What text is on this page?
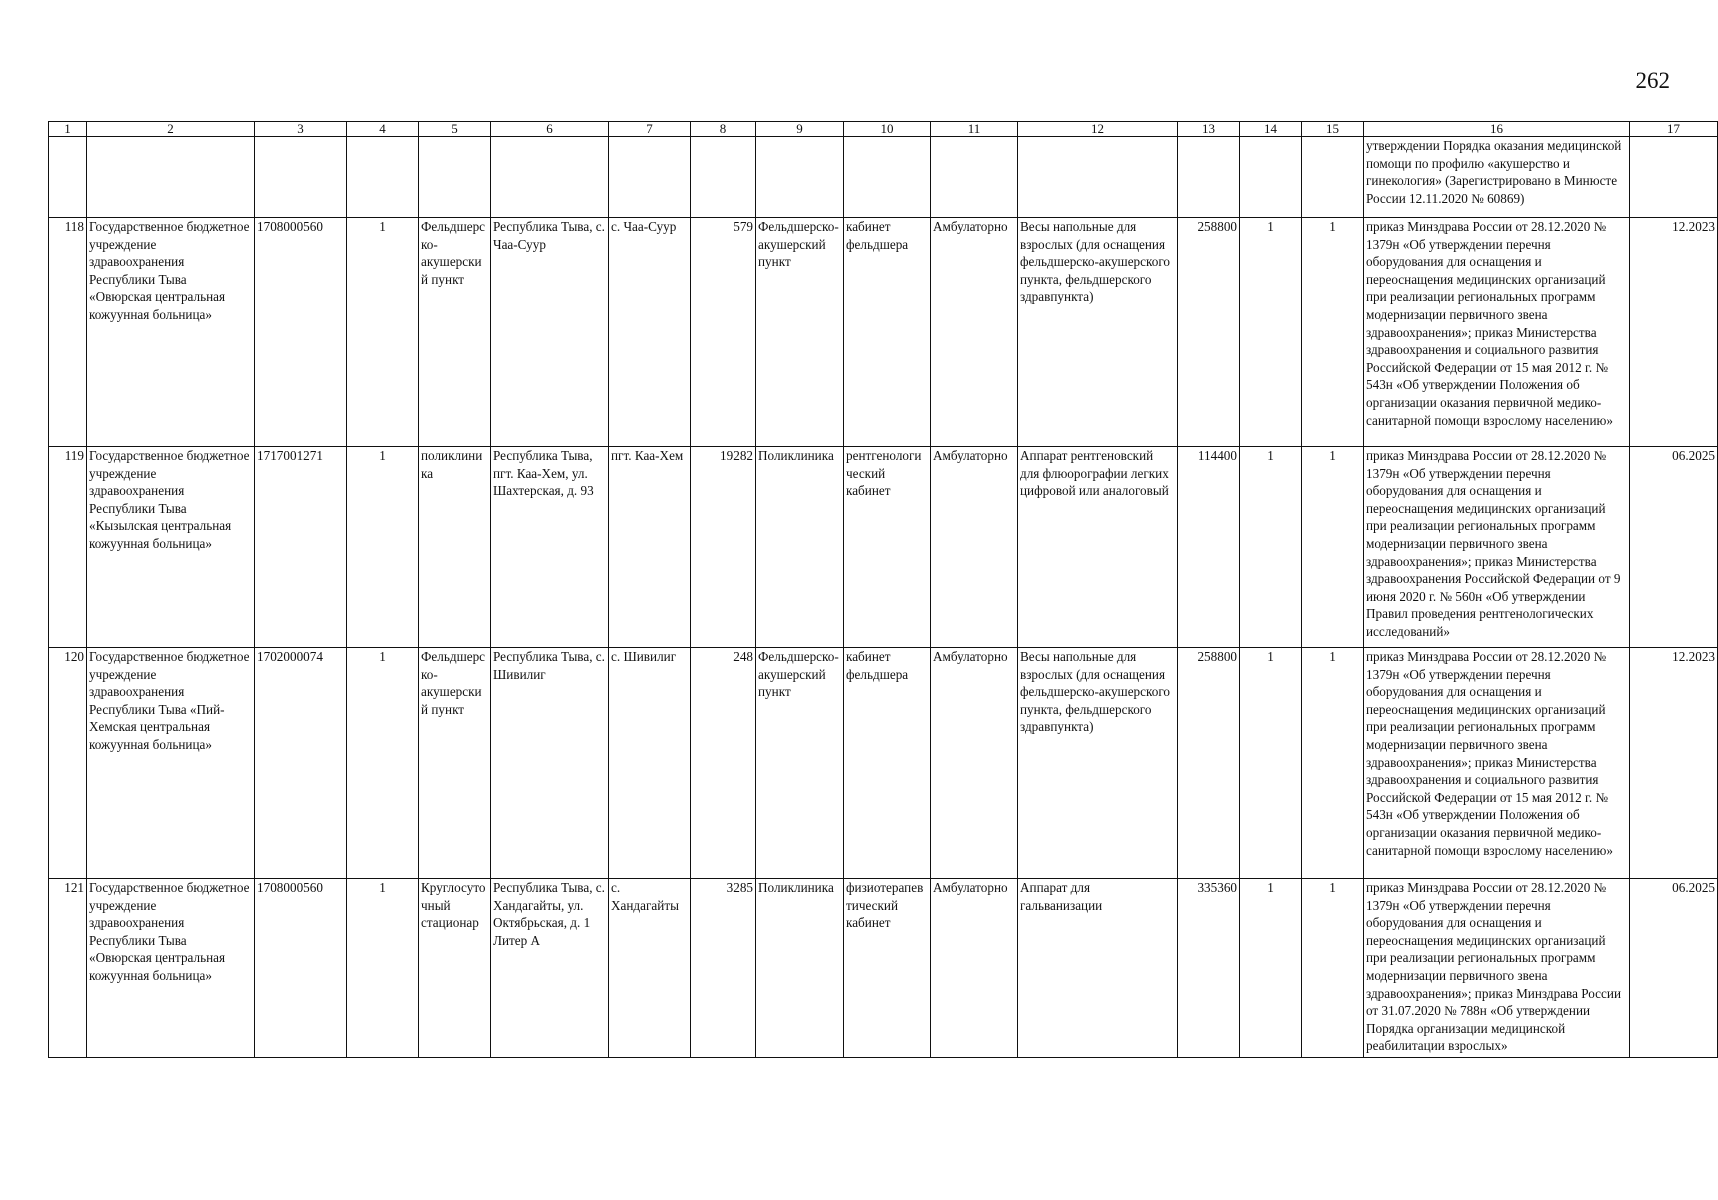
262
1	2	3	4	5	6	7	8	9	10	11	12	13	14	15	16	17
															утверждении Порядка оказания медицинской помощи по профилю «акушерство и гинекология» (Зарегистрировано в Минюсте России 12.11.2020 № 60869)	
118	Государственное бюджетное учреждение здравоохранения Республики Тыва «Овюрская центральная кожуунная больница»	1708000560	1	Фельдшерско-акушерский пункт	Республика Тыва, с. Чаа-Суур	с. Чаа-Суур	579	Фельдшерско-акушерский пункт	кабинет фельдшера	Амбулаторно	Весы напольные для взрослых (для оснащения фельдшерско-акушерского пункта, фельдшерского здравпункта)	258800	1	1	приказ Минздрава России от 28.12.2020 № 1379н «Об утверждении перечня оборудования для оснащения и переоснащения медицинских организаций при реализации региональных программ модернизации первичного звена здравоохранения»; приказ Министерства здравоохранения и социального развития Российской Федерации от 15 мая 2012 г. № 543н «Об утверждении Положения об организации оказания первичной медико-санитарной помощи взрослому населению»	12.2023
119	Государственное бюджетное учреждение здравоохранения Республики Тыва «Кызылская центральная кожуунная больница»	1717001271	1	поликлиника	Республика Тыва, пгт. Каа-Хем, ул. Шахтерская, д. 93	пгт. Каа-Хем	19282	Поликлиника	рентгенологический кабинет	Амбулаторно	Аппарат рентгеновский для флюорографии легких цифровой или аналоговый	114400	1	1	приказ Минздрава России от 28.12.2020 № 1379н «Об утверждении перечня оборудования для оснащения и переоснащения медицинских организаций при реализации региональных программ модернизации первичного звена здравоохранения»; приказ Министерства здравоохранения Российской Федерации от 9 июня 2020 г. № 560н «Об утверждении Правил проведения рентгенологических исследований»	06.2025
120	Государственное бюджетное учреждение здравоохранения Республики Тыва «Пий-Хемская центральная кожуунная больница»	1702000074	1	Фельдшерско-акушерский пункт	Республика Тыва, с. Шивилиг	с. Шивилиг	248	Фельдшерско-акушерский пункт	кабинет фельдшера	Амбулаторно	Весы напольные для взрослых (для оснащения фельдшерско-акушерского пункта, фельдшерского здравпункта)	258800	1	1	приказ Минздрава России от 28.12.2020 № 1379н «Об утверждении перечня оборудования для оснащения и переоснащения медицинских организаций при реализации региональных программ модернизации первичного звена здравоохранения»; приказ Министерства здравоохранения и социального развития Российской Федерации от 15 мая 2012 г. № 543н «Об утверждении Положения об организации оказания первичной медико-санитарной помощи взрослому населению»	12.2023
121	Государственное бюджетное учреждение здравоохранения Республики Тыва «Овюрская центральная кожуунная больница»	1708000560	1	Круглосуточный стационар	Республика Тыва, с. Хандагайты, ул. Октябрьская, д. 1 Литер А	с. Хандагайты	3285	Поликлиника	физиотерапевтический кабинет	Амбулаторно	Аппарат для гальванизации	335360	1	1	приказ Минздрава России от 28.12.2020 № 1379н «Об утверждении перечня оборудования для оснащения и переоснащения медицинских организаций при реализации региональных программ модернизации первичного звена здравоохранения»; приказ Минздрава России от 31.07.2020 № 788н «Об утверждении Порядка организации медицинской реабилитации взрослых»	06.2025
